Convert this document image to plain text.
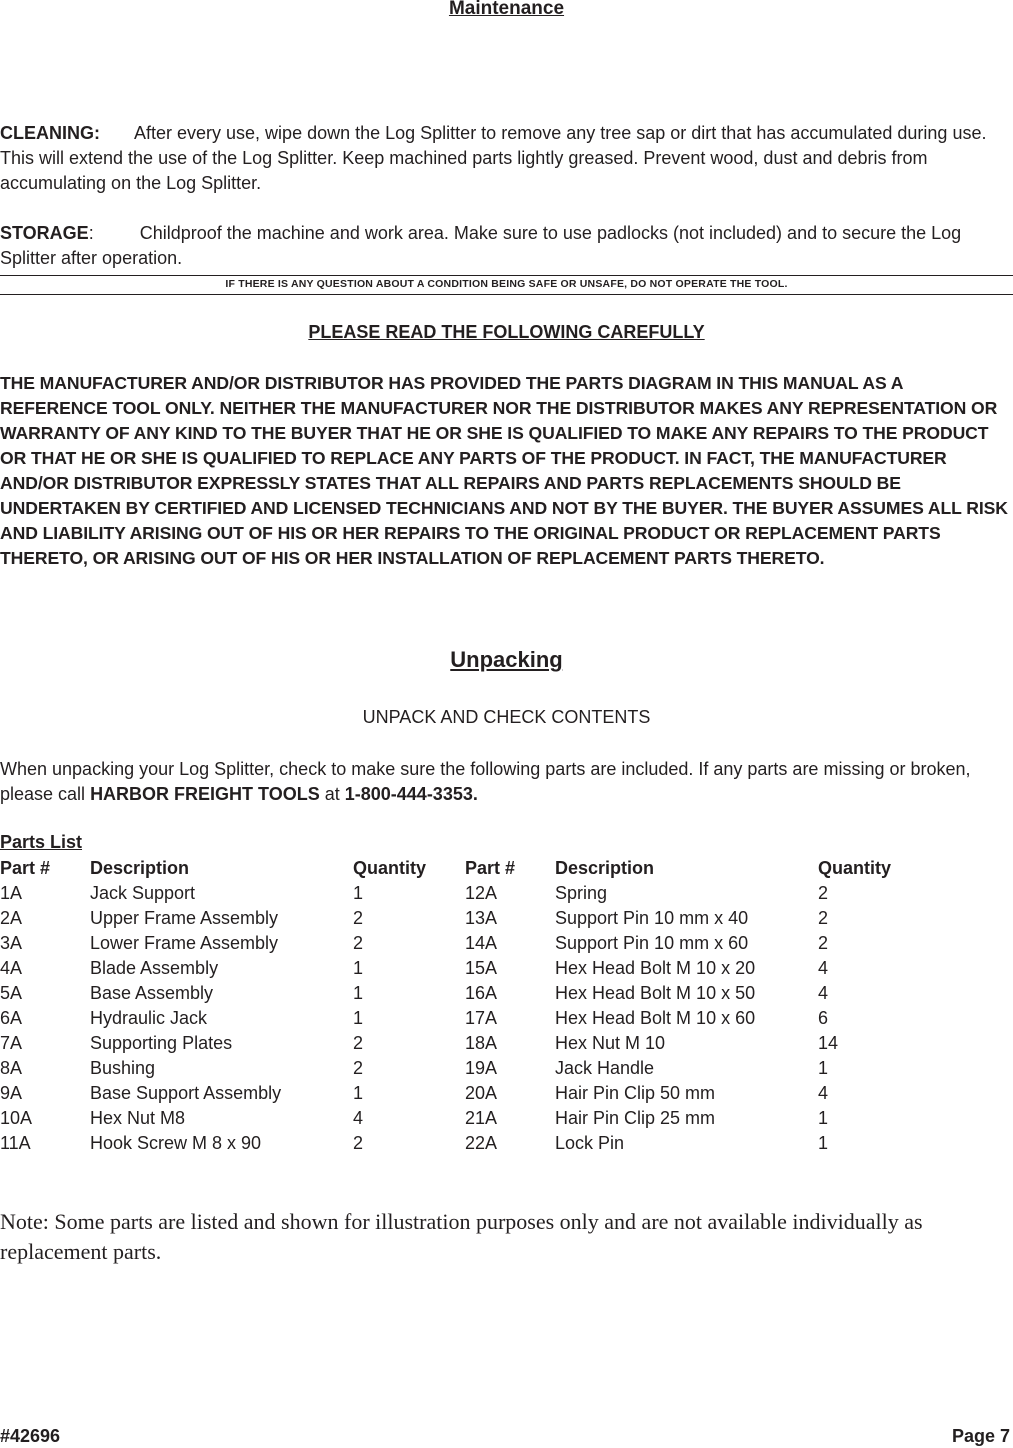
Maintenance

CLEANING: After every use, wipe down the Log Splitter to remove any tree sap or dirt that has accumulated during use. This will extend the use of the Log Splitter. Keep machined parts lightly greased. Prevent wood, dust and debris from accumulating on the Log Splitter.

STORAGE:	Childproof the machine and work area. Make sure to use padlocks (not included) and to secure the Log Splitter after operation.

IF THERE IS ANY QUESTION ABOUT A CONDITION BEING SAFE OR UNSAFE, DO NOT OPERATE THE TOOL.
PLEASE READ THE FOLLOWING CAREFULLY

THE MANUFACTURER AND/OR DISTRIBUTOR HAS PROVIDED THE PARTS DIAGRAM IN THIS MANUAL AS A REFERENCE TOOL ONLY. NEITHER THE MANUFACTURER NOR THE DISTRIBUTOR MAKES ANY REPRESENTATION OR WARRANTY OF ANY KIND TO THE BUYER THAT HE OR SHE IS QUALIFIED TO MAKE ANY REPAIRS TO THE PRODUCT OR THAT HE OR SHE IS QUALIFIED TO REPLACE ANY PARTS OF THE PRODUCT. IN FACT, THE MANUFACTURER AND/OR DISTRIBUTOR EXPRESSLY STATES THAT ALL REPAIRS AND PARTS REPLACEMENTS SHOULD BE UNDERTAKEN BY CERTIFIED AND LICENSED TECHNICIANS AND NOT BY THE BUYER. THE BUYER ASSUMES ALL RISK AND LIABILITY ARISING OUT OF HIS OR HER REPAIRS TO THE ORIGINAL PRODUCT OR REPLACEMENT PARTS THERETO, OR ARISING OUT OF HIS OR HER INSTALLATION OF REPLACEMENT PARTS THERETO.

Unpacking
UNPACK AND CHECK CONTENTS

When unpacking your Log Splitter, check to make sure the following parts are included. If any parts are missing or broken, please call HARBOR FREIGHT TOOLS at 1-800-444-3353.

Parts List
Part #	Description	Quantity	Part #	Description	Quantity
1A	Jack Support	1	12A	Spring	2
2A	Upper Frame Assembly	2	13A	Support Pin 10 mm x 40	2
3A	Lower Frame Assembly	2	14A	Support Pin 10 mm x 60	2
4A	Blade Assembly	1	15A	Hex Head Bolt M 10 x 20	4
5A	Base Assembly	1	16A	Hex Head Bolt M 10 x 50	4
6A	Hydraulic Jack	1	17A	Hex Head Bolt M 10 x 60	6
7A	Supporting Plates	2	18A	Hex Nut M 10	14
8A	Bushing	2	19A	Jack Handle	1
9A	Base Support Assembly	1	20A	Hair Pin Clip 50 mm	4
10A	Hex Nut M8	4	21A	Hair Pin Clip 25 mm	1
11A	Hook Screw M 8 x 90	2	22A	Lock Pin	1

Note: Some parts are listed and shown for illustration purposes only and are not available individually as replacement parts.

#42696	Page 7
